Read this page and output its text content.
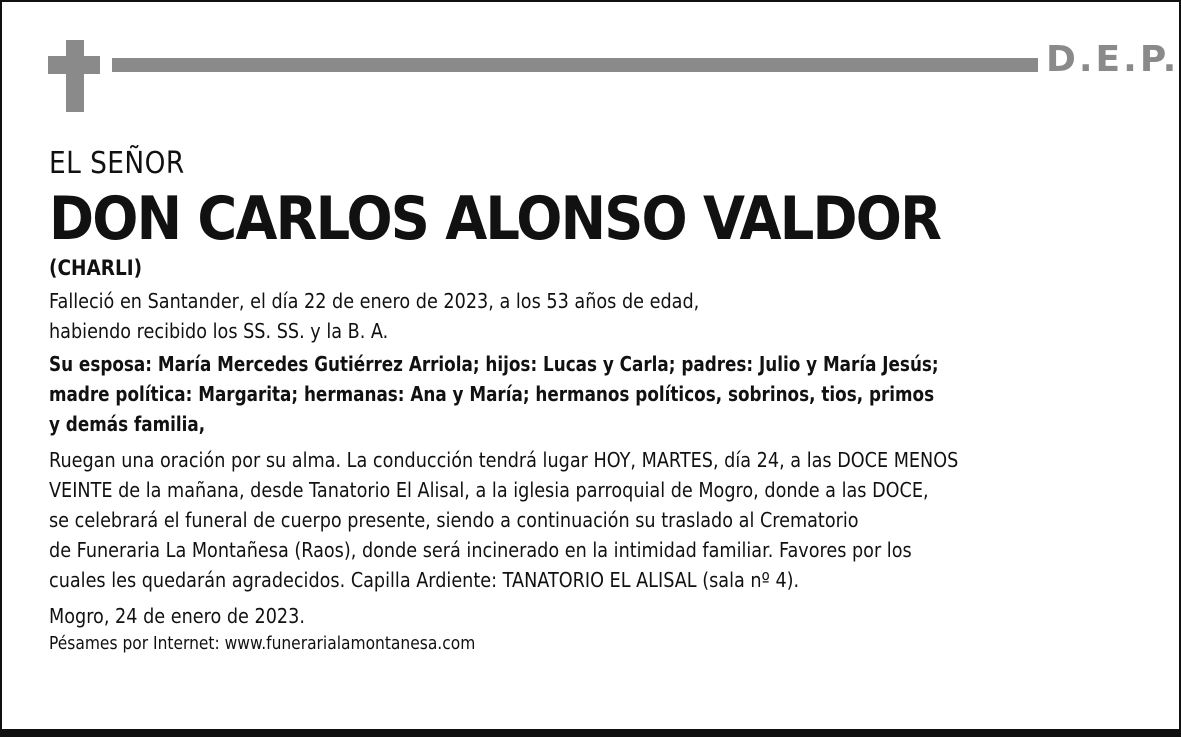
D.E.P.
EL SEÑOR
DON CARLOS ALONSO VALDOR
(CHARLI)
Falleció en Santander, el día 22 de enero de 2023, a los 53 años de edad,
habiendo recibido los SS. SS. y la B. A.
Su esposa: María Mercedes Gutiérrez Arriola; hijos: Lucas y Carla; padres: Julio y María Jesús;
madre política: Margarita; hermanas: Ana y María; hermanos políticos, sobrinos, tios, primos
y demás familia,
Ruegan una oración por su alma. La conducción tendrá lugar HOY, MARTES, día 24, a las DOCE MENOS
VEINTE de la mañana, desde Tanatorio El Alisal, a la iglesia parroquial de Mogro, donde a las DOCE,
se celebrará el funeral de cuerpo presente, siendo a continuación su traslado al Crematorio
de Funeraria La Montañesa (Raos), donde será incinerado en la intimidad familiar. Favores por los
cuales les quedarán agradecidos. Capilla Ardiente: TANATORIO EL ALISAL (sala nº 4).
Mogro, 24 de enero de 2023.
Pésames por Internet: www.funerarialamontanesa.com
